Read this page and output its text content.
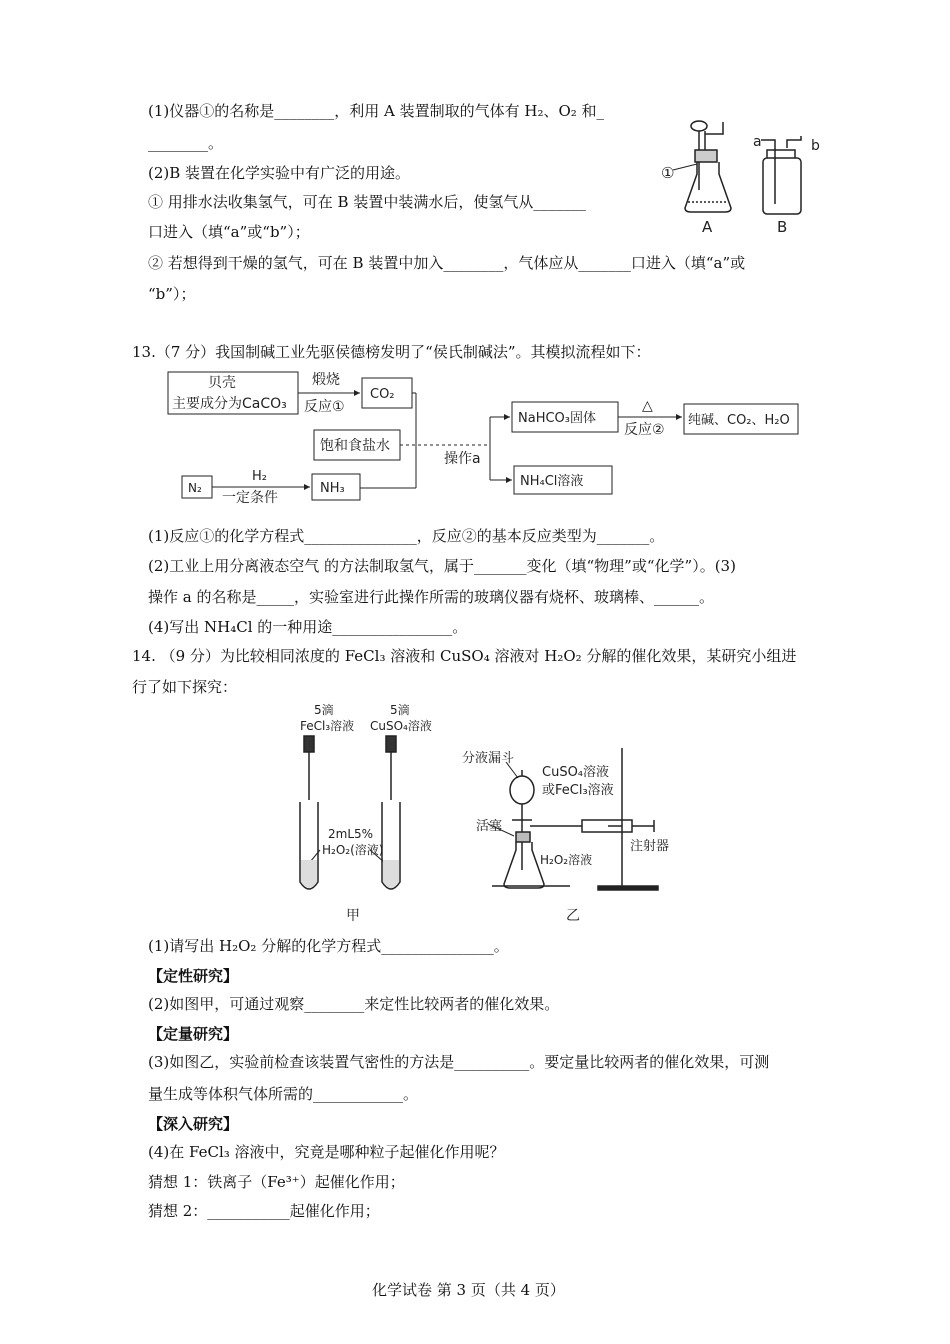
(1)仪器①的名称是________，利用 A 装置制取的气体有 H₂、O₂ 和_
________。
(2)B 装置在化学实验中有广泛的用途。
① 用排水法收集氢气，可在 B 装置中装满水后，使氢气从_______
口进入（填“a”或“b”）；
② 若想得到干燥的氢气，可在 B 装置中加入________，气体应从_______口进入（填“a”或
“b”）；
①
A
a	b
B
13.（7 分）我国制碱工业先驱侯德榜发明了“侯氏制碱法”。其模拟流程如下：
贝壳
主要成分为CaCO₃
煅烧
反应①
CO₂
饱和食盐水
操作a
NaHCO₃固体
△
反应②
纯碱、CO₂、H₂O
NH₄Cl溶液
N₂
H₂
一定条件
NH₃
(1)反应①的化学方程式_______________，反应②的基本反应类型为_______。
(2)工业上用分离液态空气 的方法制取氢气，属于_______变化（填“物理”或“化学”）。(3)
操作 a 的名称是_____，实验室进行此操作所需的玻璃仪器有烧杯、玻璃棒、______。
(4)写出 NH₄Cl 的一种用途________________。
14. （9 分）为比较相同浓度的 FeCl₃ 溶液和 CuSO₄ 溶液对 H₂O₂ 分解的催化效果，某研究小组进
行了如下探究：
5滴
FeCl₃溶液
5滴
CuSO₄溶液
2mL5%
H₂O₂(溶液)
甲
分液漏斗
CuSO₄溶液
或FeCl₃溶液
活塞
注射器
H₂O₂溶液
乙
(1)请写出 H₂O₂ 分解的化学方程式_______________。
【定性研究】
(2)如图甲，可通过观察________来定性比较两者的催化效果。
【定量研究】
(3)如图乙，实验前检查该装置气密性的方法是__________。要定量比较两者的催化效果，可测
量生成等体积气体所需的____________。
【深入研究】
(4)在 FeCl₃ 溶液中，究竟是哪种粒子起催化作用呢？
猜想 1：铁离子（Fe³⁺）起催化作用；
猜想 2：___________起催化作用；
化学试卷 第 3 页（共 4 页）
